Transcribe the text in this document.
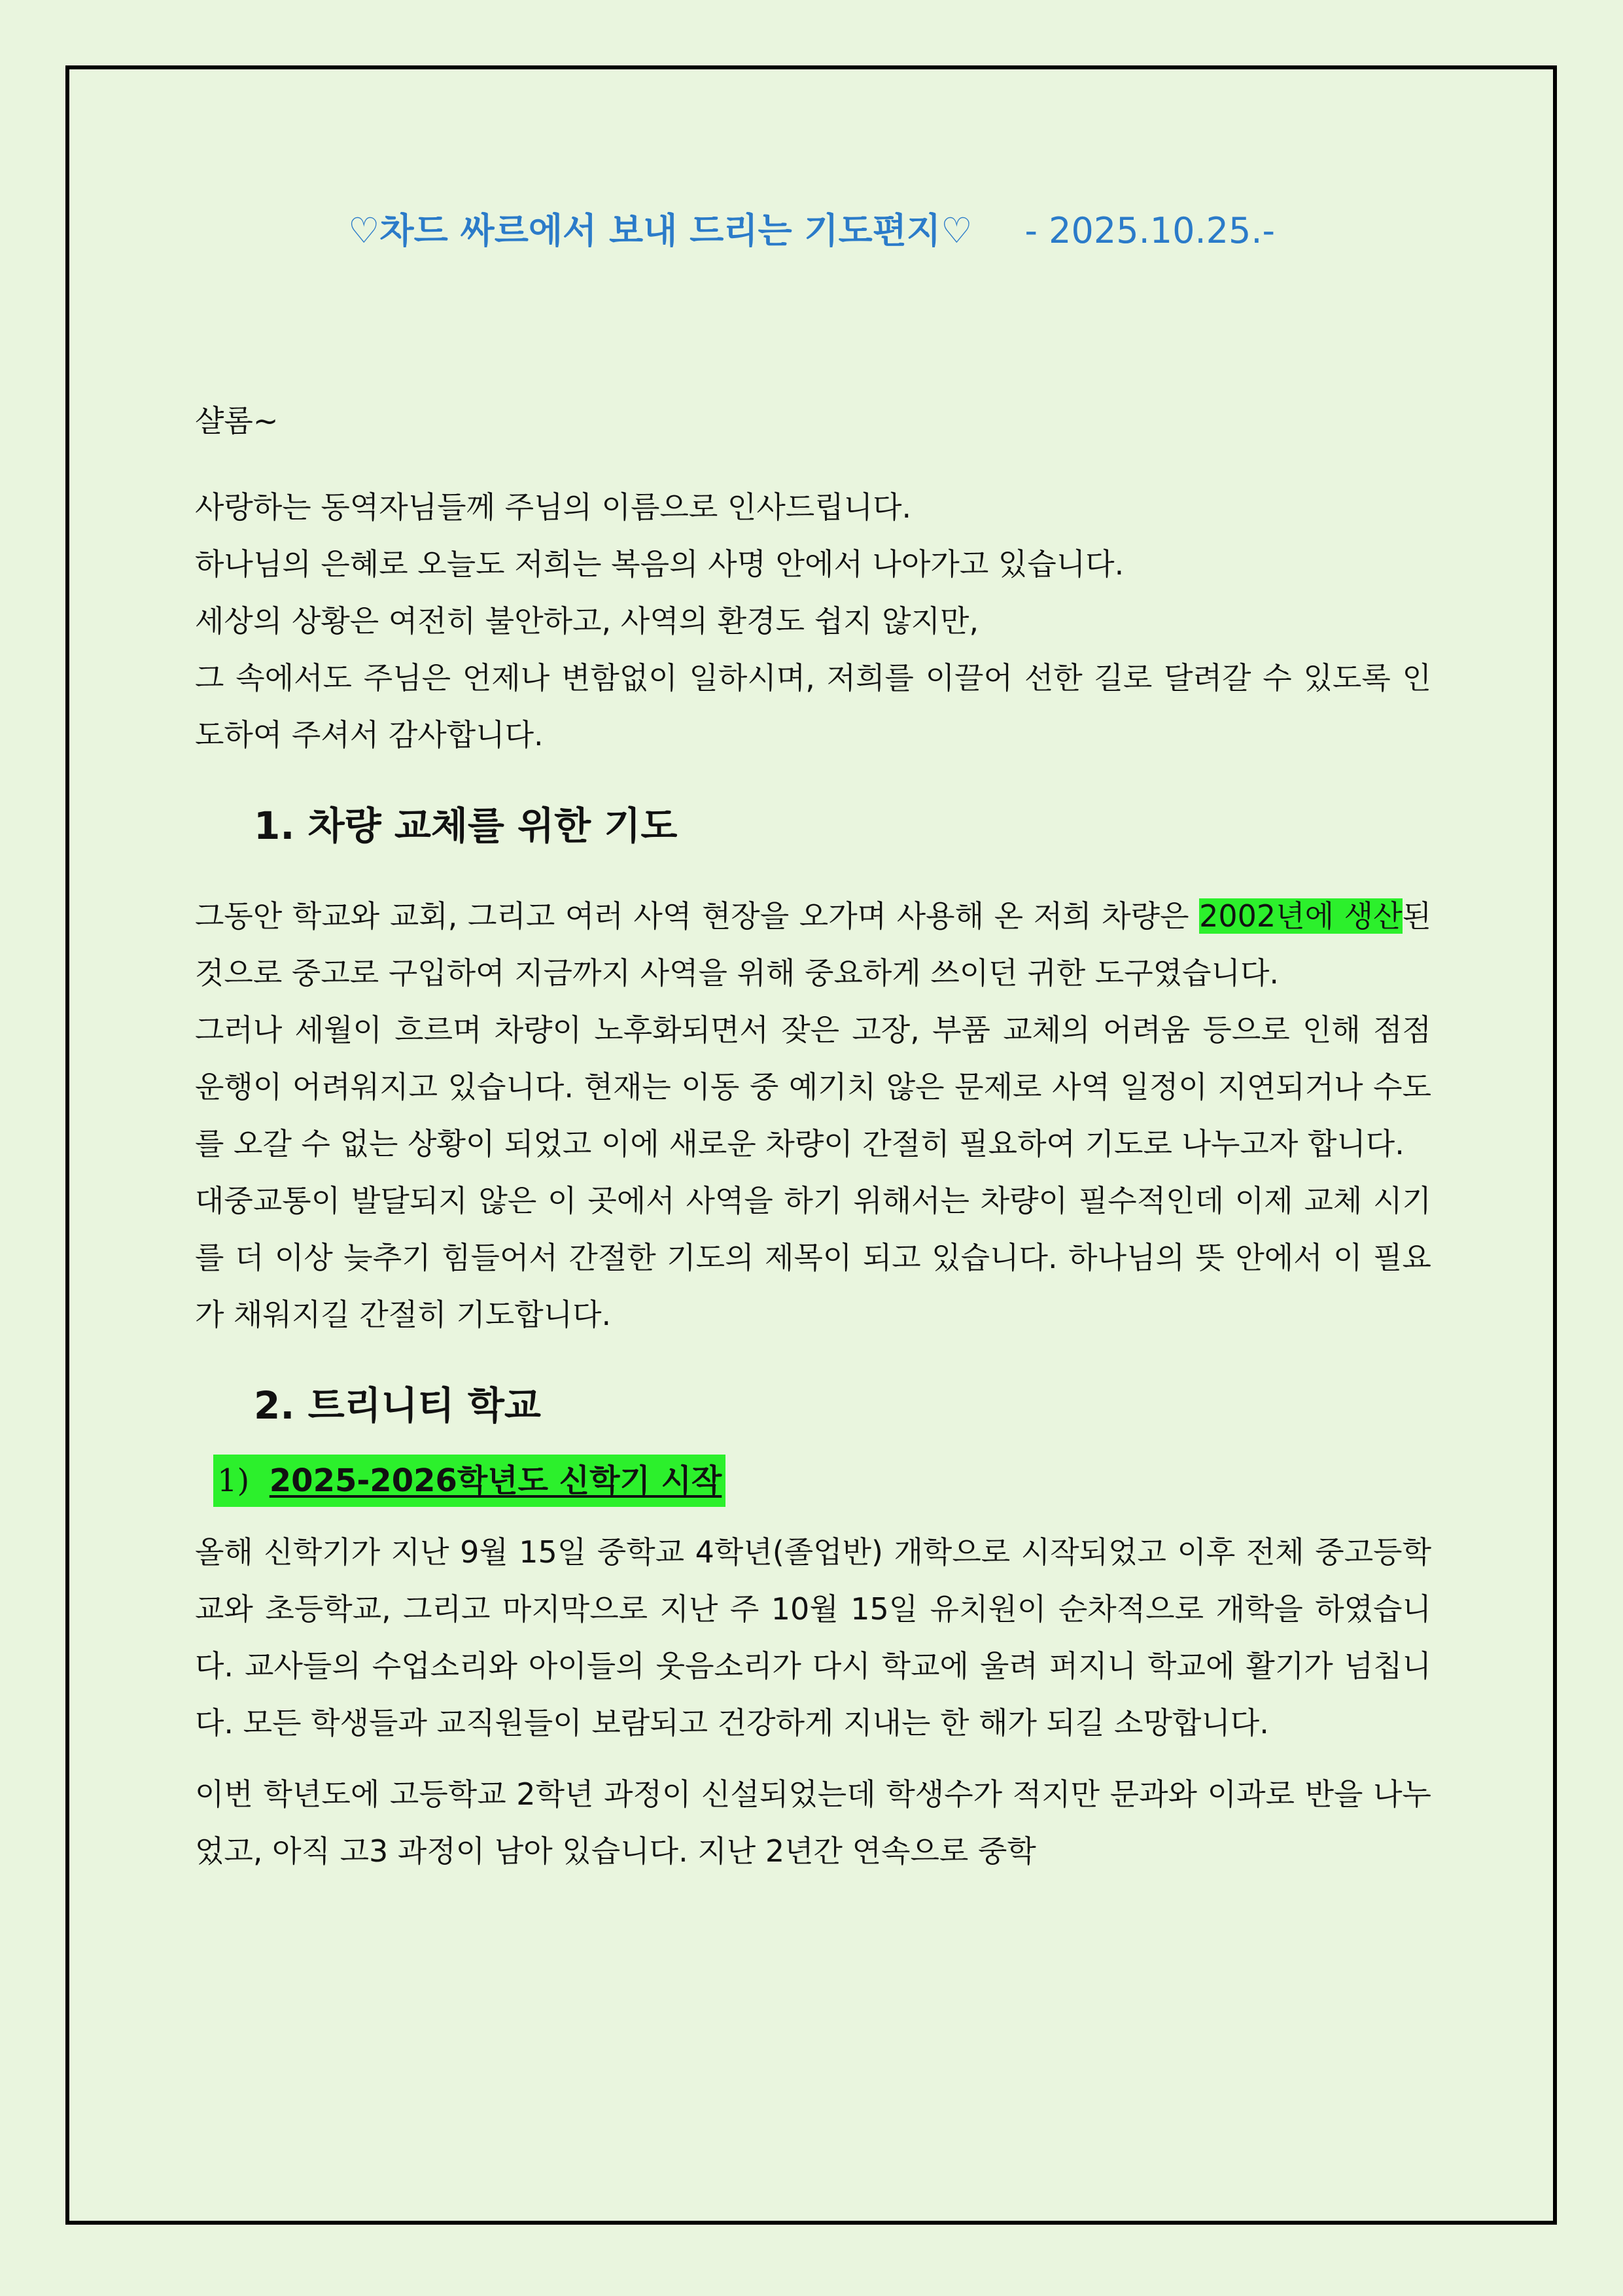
♡차드 싸르에서 보내 드리는 기도편지♡ - 2025.10.25.-

샬롬~

사랑하는 동역자님들께 주님의 이름으로 인사드립니다.

하나님의 은혜로 오늘도 저희는 복음의 사명 안에서 나아가고 있습니다.

세상의 상황은 여전히 불안하고, 사역의 환경도 쉽지 않지만,

그 속에서도 주님은 언제나 변함없이 일하시며, 저희를 이끌어 선한 길로 달려갈 수 있도록 인도하여 주셔서 감사합니다.

1. 차량 교체를 위한 기도

그동안 학교와 교회, 그리고 여러 사역 현장을 오가며 사용해 온 저희 차량은 2002년에 생산된 것으로 중고로 구입하여 지금까지 사역을 위해 중요하게 쓰이던 귀한 도구였습니다.

그러나 세월이 흐르며 차량이 노후화되면서 잦은 고장, 부품 교체의 어려움 등으로 인해 점점 운행이 어려워지고 있습니다. 현재는 이동 중 예기치 않은 문제로 사역 일정이 지연되거나 수도를 오갈 수 없는 상황이 되었고 이에 새로운 차량이 간절히 필요하여 기도로 나누고자 합니다.

대중교통이 발달되지 않은 이 곳에서 사역을 하기 위해서는 차량이 필수적인데 이제 교체 시기를 더 이상 늦추기 힘들어서 간절한 기도의 제목이 되고 있습니다. 하나님의 뜻 안에서 이 필요가 채워지길 간절히 기도합니다.

2. 트리니티 학교
1) 2025-2026학년도 신학기 시작

올해 신학기가 지난 9월 15일 중학교 4학년(졸업반) 개학으로 시작되었고 이후 전체 중고등학교와 초등학교, 그리고 마지막으로 지난 주 10월 15일 유치원이 순차적으로 개학을 하였습니다. 교사들의 수업소리와 아이들의 웃음소리가 다시 학교에 울려 퍼지니 학교에 활기가 넘칩니다. 모든 학생들과 교직원들이 보람되고 건강하게 지내는 한 해가 되길 소망합니다.

이번 학년도에 고등학교 2학년 과정이 신설되었는데 학생수가 적지만 문과와 이과로 반을 나누었고, 아직 고3 과정이 남아 있습니다. 지난 2년간 연속으로 중학
